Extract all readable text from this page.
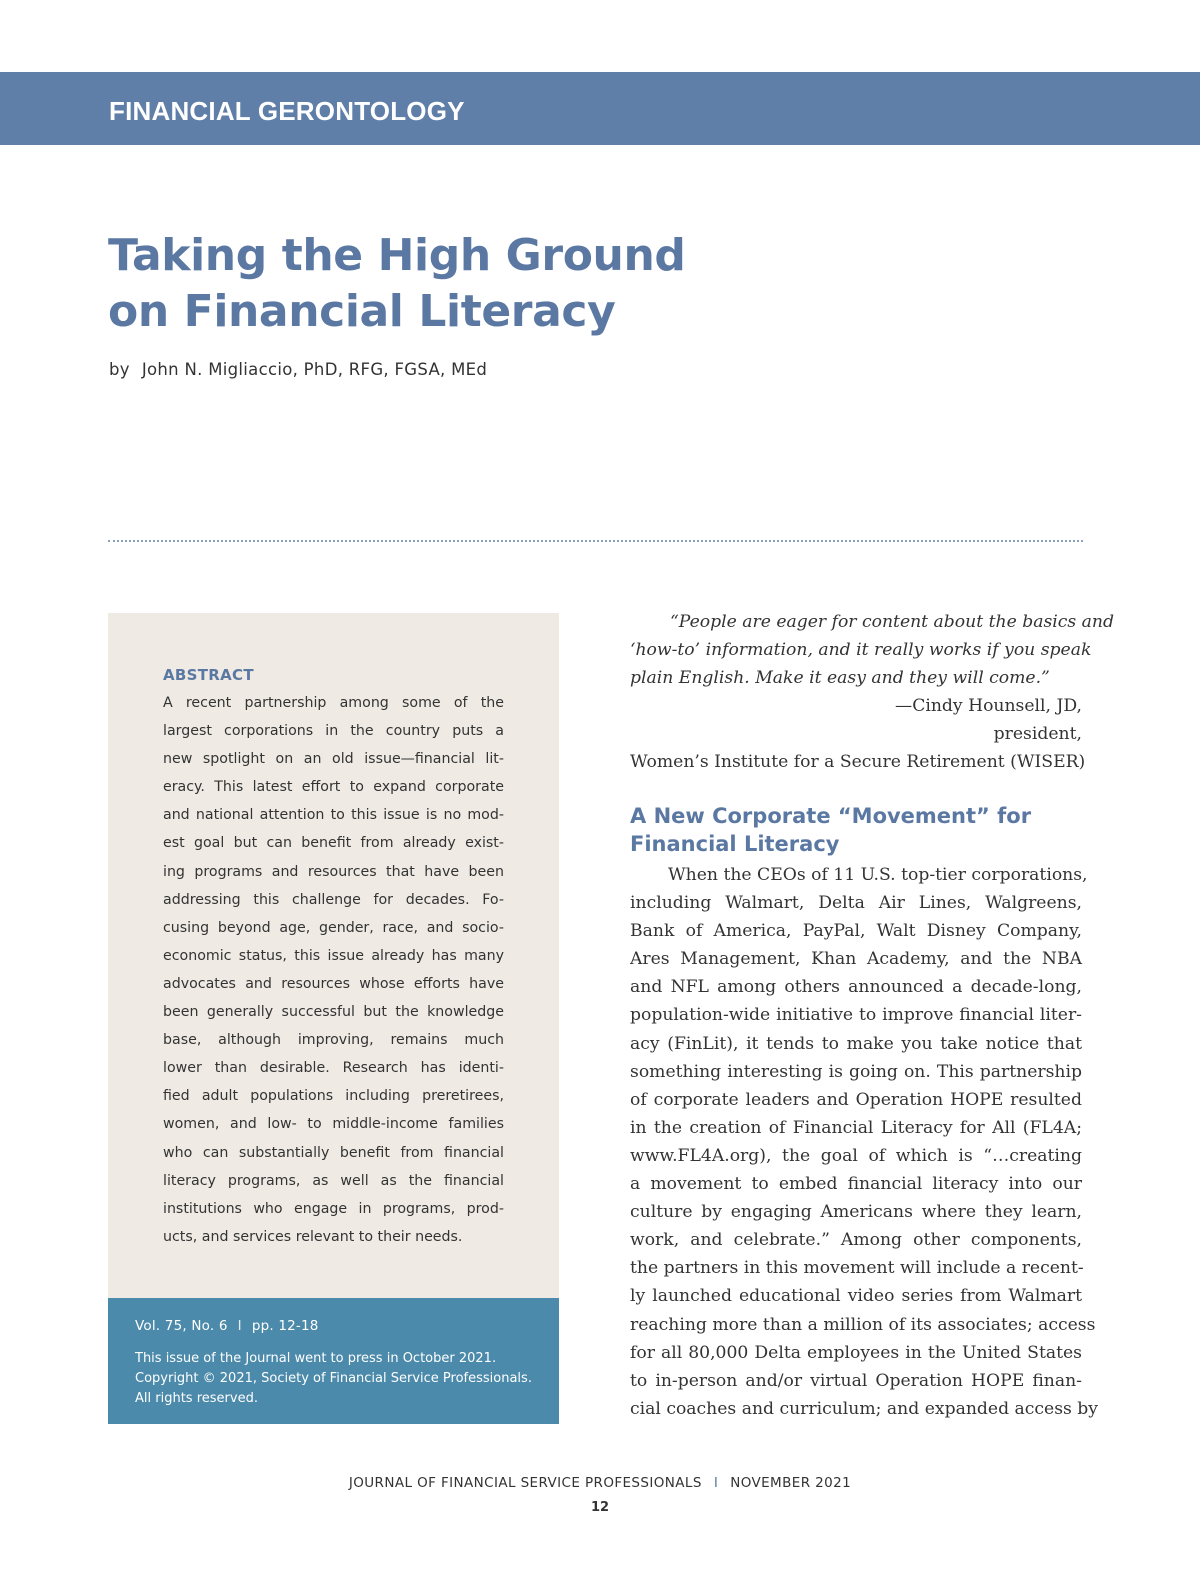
FINANCIAL GERONTOLOGY
Taking the High Ground
on Financial Literacy
by John N. Migliaccio, PhD, RFG, FGSA, MEd
ABSTRACT
A recent partnership among some of the
largest corporations in the country puts a
new spotlight on an old issue—financial lit-
eracy. This latest effort to expand corporate
and national attention to this issue is no mod-
est goal but can benefit from already exist-
ing programs and resources that have been
addressing this challenge for decades. Fo-
cusing beyond age, gender, race, and socio-
economic status, this issue already has many
advocates and resources whose efforts have
been generally successful but the knowledge
base, although improving, remains much
lower than desirable. Research has identi-
fied adult populations including preretirees,
women, and low- to middle-income families
who can substantially benefit from financial
literacy programs, as well as the financial
institutions who engage in programs, prod-
ucts, and services relevant to their needs.
Vol. 75, No. 6 I pp. 12-18
This issue of the Journal went to press in October 2021.
Copyright © 2021, Society of Financial Service Professionals.
All rights reserved.
“People are eager for content about the basics and
‘how-to’ information, and it really works if you speak
plain English. Make it easy and they will come.”
—Cindy Hounsell, JD,
president,
Women’s Institute for a Secure Retirement (WISER)
A New Corporate “Movement” for
Financial Literacy
When the CEOs of 11 U.S. top-tier corporations,
including Walmart, Delta Air Lines, Walgreens,
Bank of America, PayPal, Walt Disney Company,
Ares Management, Khan Academy, and the NBA
and NFL among others announced a decade-long,
population-wide initiative to improve financial liter-
acy (FinLit), it tends to make you take notice that
something interesting is going on. This partnership
of corporate leaders and Operation HOPE resulted
in the creation of Financial Literacy for All (FL4A;
www.FL4A.org), the goal of which is “…creating
a movement to embed financial literacy into our
culture by engaging Americans where they learn,
work, and celebrate.” Among other components,
the partners in this movement will include a recent-
ly launched educational video series from Walmart
reaching more than a million of its associates; access
for all 80,000 Delta employees in the United States
to in-person and/or virtual Operation HOPE finan-
cial coaches and curriculum; and expanded access by
JOURNAL OF FINANCIAL SERVICE PROFESSIONALS I NOVEMBER 2021
12
